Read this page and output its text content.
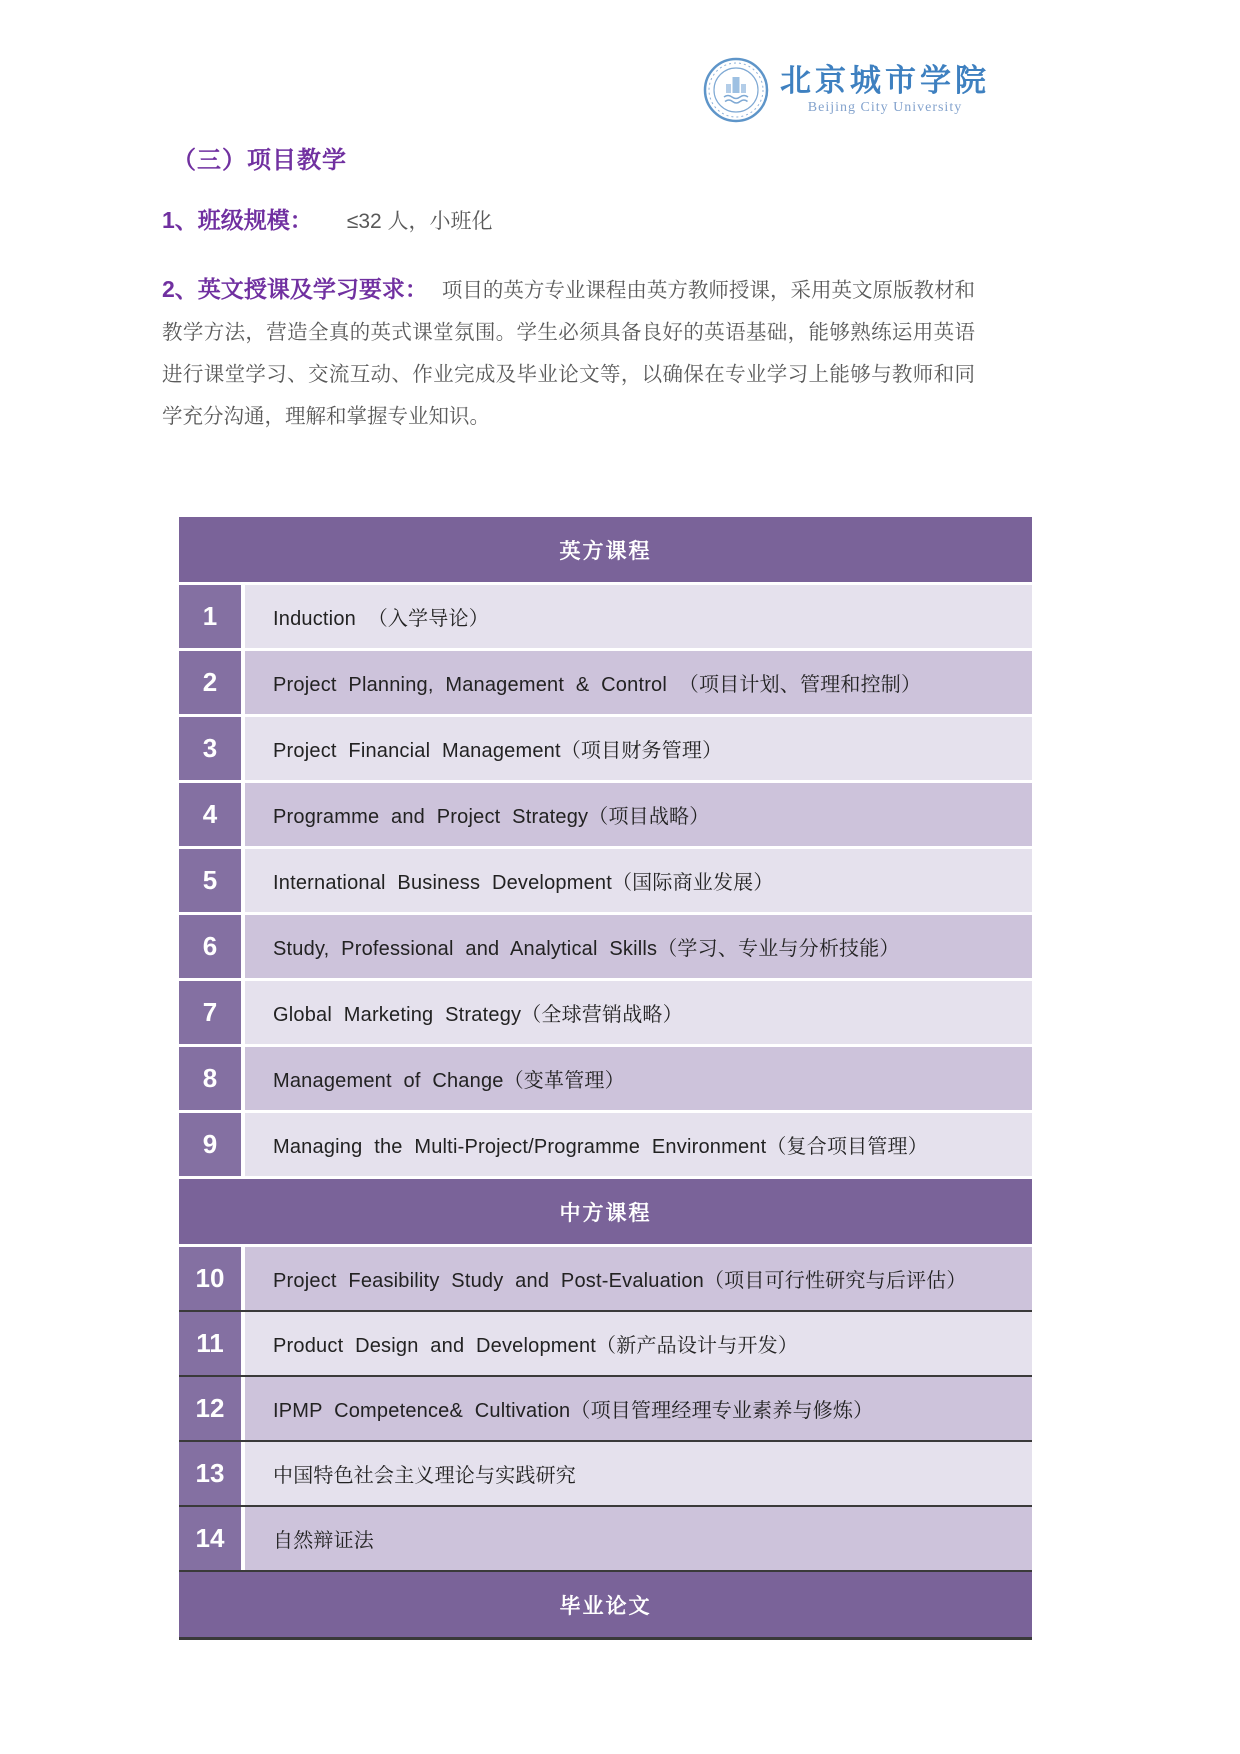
北京城市学院
Beijing City University
（三）项目教学
1、班级规模： ≤32 人，小班化

2、英文授课及学习要求： 项目的英方专业课程由英方教师授课，采用英文原版教材和教学方法，营造全真的英式课堂氛围。学生必须具备良好的英语基础，能够熟练运用英语进行课堂学习、交流互动、作业完成及毕业论文等，以确保在专业学习上能够与教师和同学充分沟通，理解和掌握专业知识。

英方课程
1	Induction （入学导论）
2	Project Planning, Management & Control （项目计划、管理和控制）
3	Project Financial Management（项目财务管理）
4	Programme and Project Strategy（项目战略）
5	International Business Development（国际商业发展）
6	Study, Professional and Analytical Skills（学习、专业与分析技能）
7	Global Marketing Strategy（全球营销战略）
8	Management of Change（变革管理）
9	Managing the Multi-Project/Programme Environment（复合项目管理）
中方课程
10	Project Feasibility Study and Post-Evaluation（项目可行性研究与后评估）
11	Product Design and Development（新产品设计与开发）
12	IPMP Competence& Cultivation（项目管理经理专业素养与修炼）
13	中国特色社会主义理论与实践研究
14	自然辩证法
毕业论文
